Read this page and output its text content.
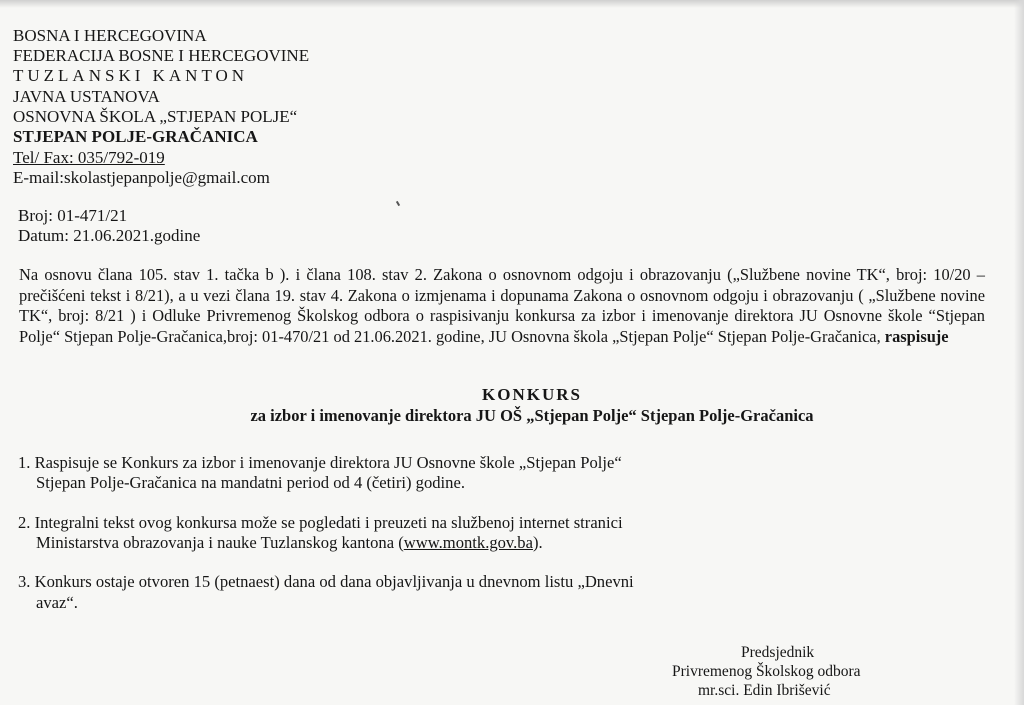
BOSNA I HERCEGOVINA
FEDERACIJA BOSNE I HERCEGOVINE
TUZLANSKI KANTON
JAVNA USTANOVA
OSNOVNA ŠKOLA „STJEPAN POLJE“
STJEPAN POLJE-GRAČANICA
Tel/ Fax: 035/792-019
E-mail:skolastjepanpolje@gmail.com
Broj: 01-471/21
Datum: 21.06.2021.godine
Na osnovu člana 105. stav 1. tačka b ). i člana 108. stav 2. Zakona o osnovnom odgoju i obrazovanju („Službene novine TK“, broj: 10/20 – prečišćeni tekst i 8/21), a u vezi člana 19. stav 4. Zakona o izmjenama i dopunama Zakona o osnovnom odgoju i obrazovanju ( „Službene novine TK“, broj: 8/21 ) i Odluke Privremenog Školskog odbora o raspisivanju konkursa za izbor i imenovanje direktora JU Osnovne škole “Stjepan Polje“ Stjepan Polje-Gračanica,broj: 01-470/21 od 21.06.2021. godine, JU Osnovna škola „Stjepan Polje“ Stjepan Polje-Gračanica, raspisuje
KONKURS
za izbor i imenovanje direktora JU OŠ „Stjepan Polje“ Stjepan Polje-Gračanica
1. Raspisuje se Konkurs za izbor i imenovanje direktora JU Osnovne škole „Stjepan Polje“
Stjepan Polje-Gračanica na mandatni period od 4 (četiri) godine.
2. Integralni tekst ovog konkursa može se pogledati i preuzeti na službenoj internet stranici
Ministarstva obrazovanja i nauke Tuzlanskog kantona (www.montk.gov.ba).
3. Konkurs ostaje otvoren 15 (petnaest) dana od dana objavljivanja u dnevnom listu „Dnevni
avaz“.
Predsjednik
Privremenog Školskog odbora
mr.sci. Edin Ibrišević
